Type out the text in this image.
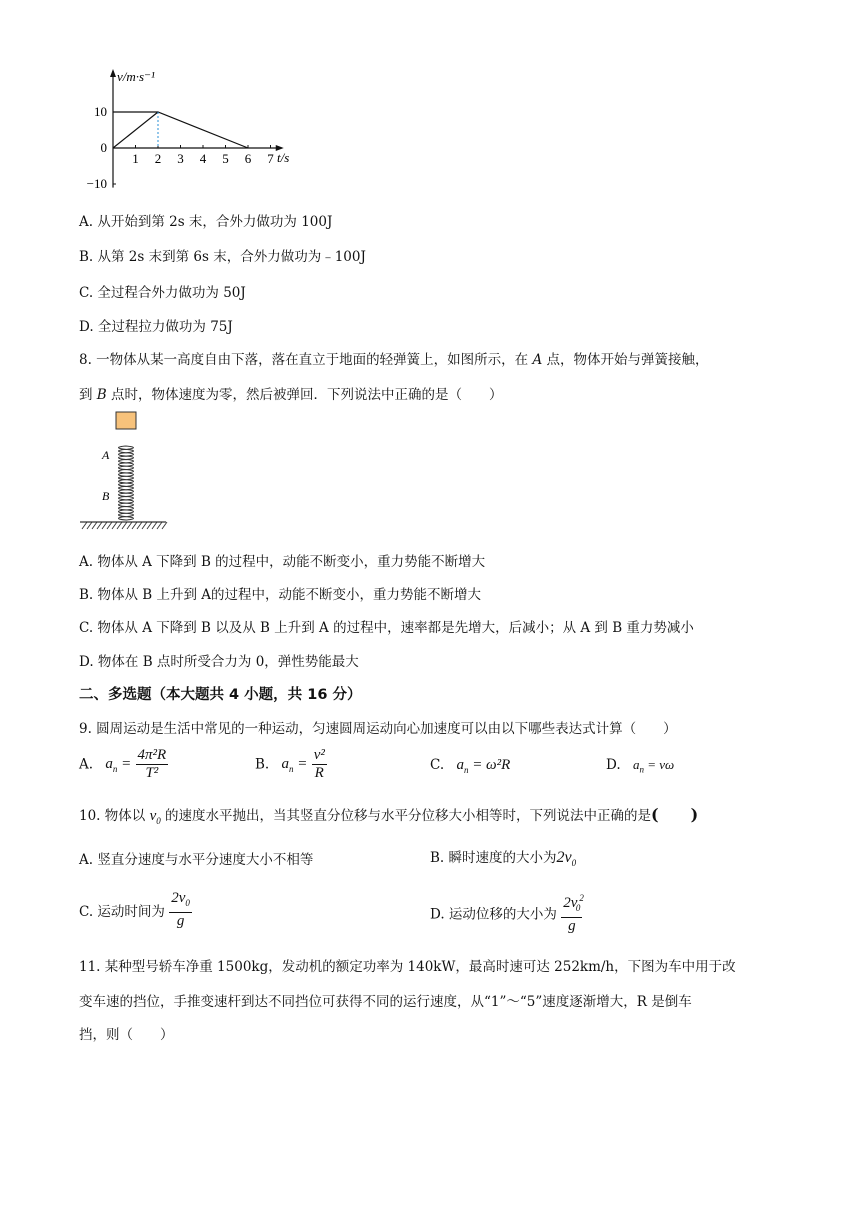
v/m·s⁻¹
t/s
1 2 3 4 5 6 7
10
0
−10
A. 从开始到第 2s 末，合外力做功为 100J
B. 从第 2s 末到第 6s 末，合外力做功为﹣100J
C. 全过程合外力做功为 50J
D. 全过程拉力做功为 75J
8. 一物体从某一高度自由下落，落在直立于地面的轻弹簧上，如图所示，在 A 点，物体开始与弹簧接触，
到 B 点时，物体速度为零，然后被弹回．下列说法中正确的是（　　）
A
B
A. 物体从 A 下降到 B 的过程中，动能不断变小，重力势能不断增大
B. 物体从 B 上升到 A的过程中，动能不断变小，重力势能不断增大
C. 物体从 A 下降到 B 以及从 B 上升到 A 的过程中，速率都是先增大，后减小；从 A 到 B 重力势减小
D. 物体在 B 点时所受合力为 0，弹性势能最大
二、多选题（本大题共 4 小题，共 16 分）
9. 圆周运动是生活中常见的一种运动，匀速圆周运动向心加速度可以由以下哪些表达式计算（　　）
A. $a_n = \frac{\text{4π²R}}{\text{T²}}$	B. $a_n = \frac{\text{v²}}{R}$	C. $a_n = \omega^2R$	D. $a_n = v\omega$
10. 物体以 $v_0$ 的速度水平抛出，当其竖直分位移与水平分位移大小相等时，下列说法中正确的是(　　)
A. 竖直分速度与水平分速度大小不相等	B. 瞬时速度的大小为$2v_0$
C. 运动时间为 $\frac{2v_0}{g}$	D. 运动位移的大小为 $\frac{2v ^2_0}{g}$
11. 某种型号轿车净重 1500kg，发动机的额定功率为 140kW，最高时速可达 252km/h，下图为车中用于改
变车速的挡位，手推变速杆到达不同挡位可获得不同的运行速度，从“1”～“5”速度逐渐增大，R 是倒车
挡，则（　　）
